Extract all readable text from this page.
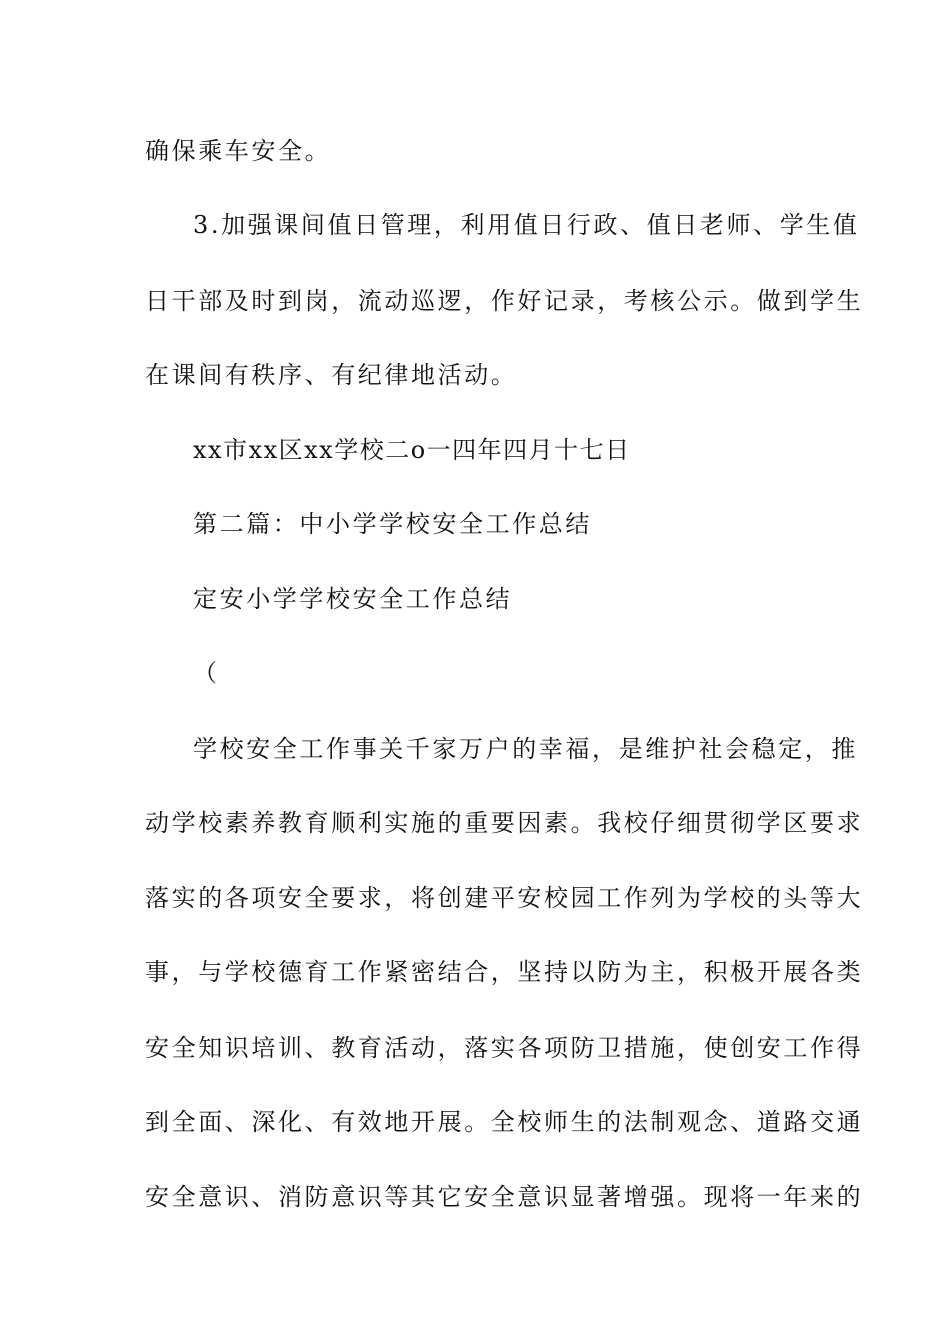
确保乘车安全。
3.加强课间值日管理，利用值日行政、值日老师、学生值
日干部及时到岗，流动巡逻，作好记录，考核公示。做到学生
在课间有秩序、有纪律地活动。
xx市xx区xx学校二o一四年四月十七日
第二篇：中小学学校安全工作总结
定安小学学校安全工作总结
（
学校安全工作事关千家万户的幸福，是维护社会稳定，推
动学校素养教育顺利实施的重要因素。我校仔细贯彻学区要求
落实的各项安全要求，将创建平安校园工作列为学校的头等大
事，与学校德育工作紧密结合，坚持以防为主，积极开展各类
安全知识培训、教育活动，落实各项防卫措施，使创安工作得
到全面、深化、有效地开展。全校师生的法制观念、道路交通
安全意识、消防意识等其它安全意识显著增强。现将一年来的
